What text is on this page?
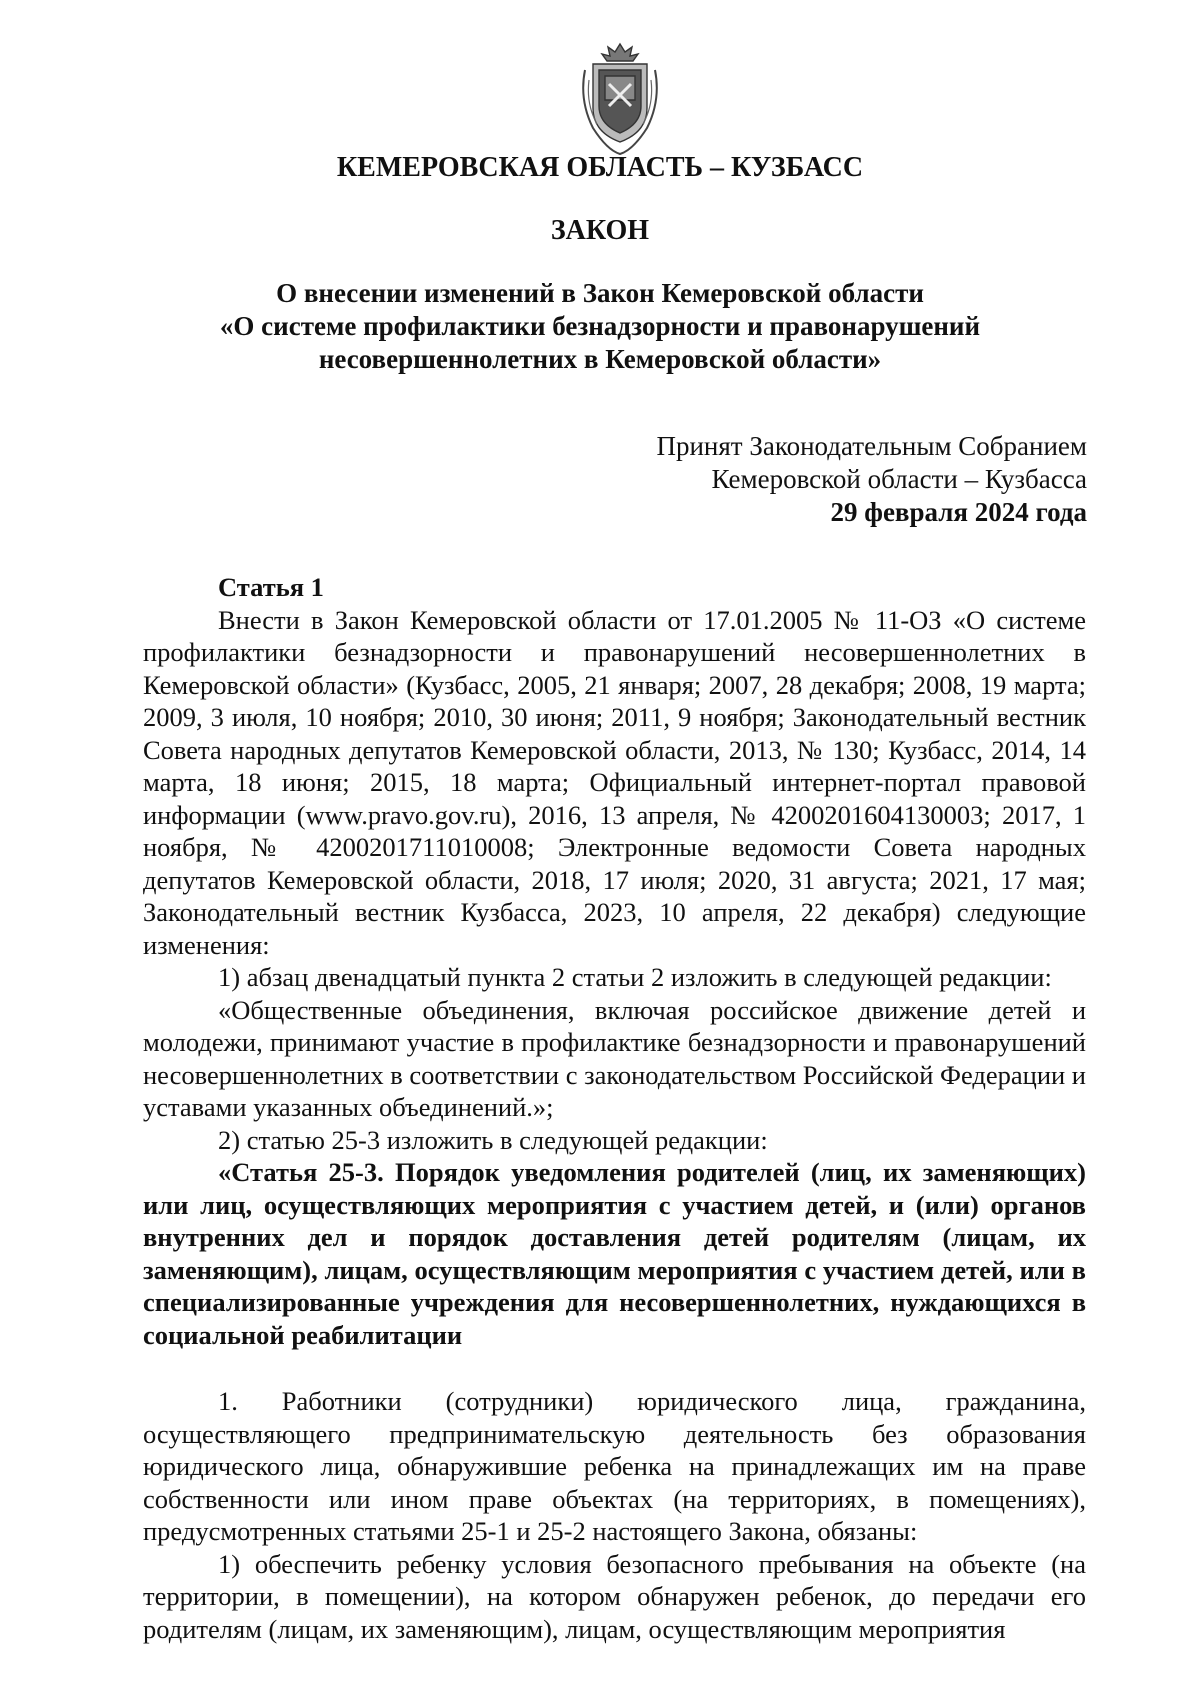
КЕМЕРОВСКАЯ ОБЛАСТЬ – КУЗБАСС
ЗАКОН
О внесении изменений в Закон Кемеровской области
«О системе профилактики безнадзорности и правонарушений
несовершеннолетних в Кемеровской области»
Принят Законодательным Собранием
Кемеровской области – Кузбасса
29 февраля 2024 года

Статья 1

Внести в Закон Кемеровской области от 17.01.2005 № 11-ОЗ «О системе профилактики безнадзорности и правонарушений несовершеннолетних в Кемеровской области» (Кузбасс, 2005, 21 января; 2007, 28 декабря; 2008, 19 марта; 2009, 3 июля, 10 ноября; 2010, 30 июня; 2011, 9 ноября; Законодательный вестник Совета народных депутатов Кемеровской области, 2013, № 130; Кузбасс, 2014, 14 марта, 18 июня; 2015, 18 марта; Официальный интернет-портал правовой информации (www.pravo.gov.ru), 2016, 13 апреля, № 4200201604130003; 2017, 1 ноября, № 4200201711010008; Электронные ведомости Совета народных депутатов Кемеровской области, 2018, 17 июля; 2020, 31 августа; 2021, 17 мая; Законодательный вестник Кузбасса, 2023, 10 апреля, 22 декабря) следующие изменения:

1) абзац двенадцатый пункта 2 статьи 2 изложить в следующей редакции:

«Общественные объединения, включая российское движение детей и молодежи, принимают участие в профилактике безнадзорности и правонарушений несовершеннолетних в соответствии с законодательством Российской Федерации и уставами указанных объединений.»;

2) статью 25-3 изложить в следующей редакции:

«Статья 25-3. Порядок уведомления родителей (лиц, их заменяющих) или лиц, осуществляющих мероприятия с участием детей, и (или) органов внутренних дел и порядок доставления детей родителям (лицам, их заменяющим), лицам, осуществляющим мероприятия с участием детей, или в специализированные учреждения для несовершеннолетних, нуждающихся в социальной реабилитации

1. Работники (сотрудники) юридического лица, гражданина, осуществляющего предпринимательскую деятельность без образования юридического лица, обнаружившие ребенка на принадлежащих им на праве собственности или ином праве объектах (на территориях, в помещениях), предусмотренных статьями 25-1 и 25-2 настоящего Закона, обязаны:

1) обеспечить ребенку условия безопасного пребывания на объекте (на территории, в помещении), на котором обнаружен ребенок, до передачи его родителям (лицам, их заменяющим), лицам, осуществляющим мероприятия
